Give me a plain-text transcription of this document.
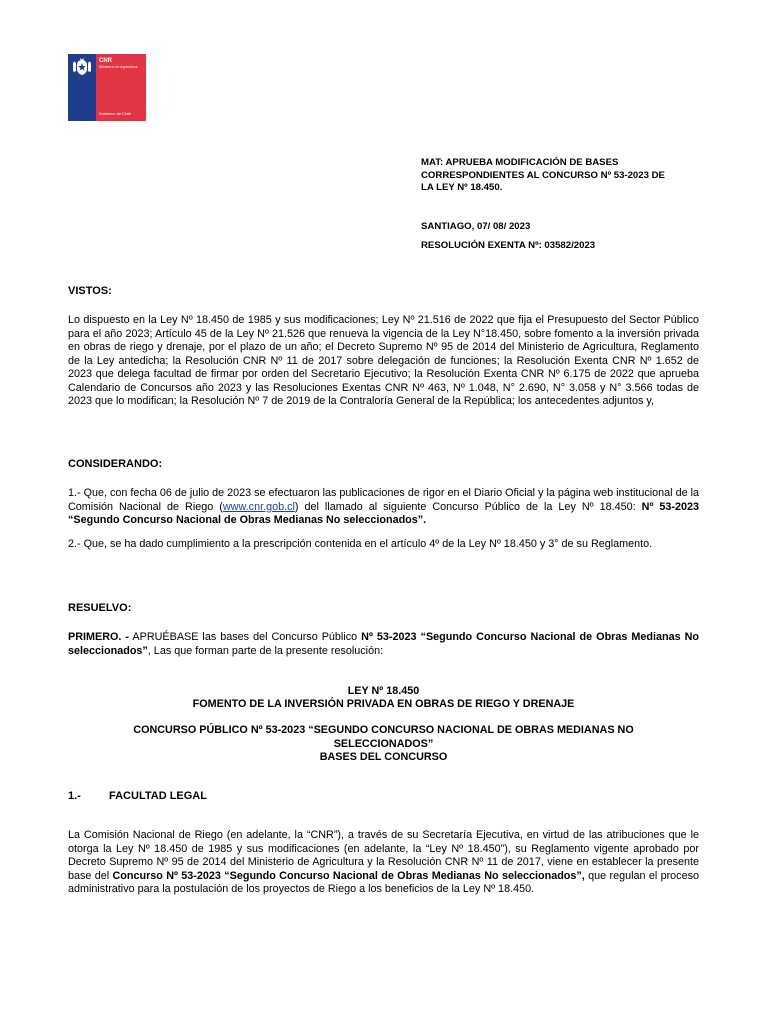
CNR
Ministerio de Agricultura
Gobierno de Chile
MAT: APRUEBA MODIFICACIÓN DE BASES
CORRESPONDIENTES AL CONCURSO Nº 53-2023 DE
LA LEY Nº 18.450.
SANTIAGO, 07/ 08/ 2023
RESOLUCIÓN EXENTA Nº: 03582/2023
VISTOS:
Lo dispuesto en la Ley Nº 18.450 de 1985 y sus modificaciones; Ley Nº 21.516 de 2022 que fija el Presupuesto del Sector Público para el año 2023; Artículo 45 de la Ley Nº 21.526 que renueva la vigencia de la Ley N°18.450, sobre fomento a la inversión privada en obras de riego y drenaje, por el plazo de un año; el Decreto Supremo Nº 95 de 2014 del Ministerio de Agricultura, Reglamento de la Ley antedicha; la Resolución CNR Nº 11 de 2017 sobre delegación de funciones; la Resolución Exenta CNR Nº 1.652 de 2023 que delega facultad de firmar por orden del Secretario Ejecutivo; la Resolución Exenta CNR Nº 6.175 de 2022 que aprueba Calendario de Concursos año 2023 y las Resoluciones Exentas CNR Nº 463, Nº 1.048, N° 2.690, N° 3.058 y N° 3.566 todas de 2023 que lo modifican; la Resolución Nº 7 de 2019 de la Contraloría General de la República; los antecedentes adjuntos y,
CONSIDERANDO:
1.- Que, con fecha 06 de julio de 2023 se efectuaron las publicaciones de rigor en el Diario Oficial y la página web institucional de la Comisión Nacional de Riego (www.cnr.gob.cl) del llamado al siguiente Concurso Público de la Ley Nº 18.450: Nº 53-2023 “Segundo Concurso Nacional de Obras Medianas No seleccionados”.
2.- Que, se ha dado cumplimiento a la prescripción contenida en el artículo 4º de la Ley Nº 18.450 y 3° de su Reglamento.
RESUELVO:
PRIMERO. - APRUÉBASE las bases del Concurso Público Nº 53-2023 “Segundo Concurso Nacional de Obras Medianas No seleccionados”, Las que forman parte de la presente resolución:
LEY Nº 18.450
FOMENTO DE LA INVERSIÓN PRIVADA EN OBRAS DE RIEGO Y DRENAJE
CONCURSO PÚBLICO Nº 53-2023 “SEGUNDO CONCURSO NACIONAL DE OBRAS MEDIANAS NO
SELECCIONADOS”
BASES DEL CONCURSO
1.-	FACULTAD LEGAL
La Comisión Nacional de Riego (en adelante, la “CNR”), a través de su Secretaría Ejecutiva, en virtud de las atribuciones que le otorga la Ley Nº 18.450 de 1985 y sus modificaciones (en adelante, la “Ley Nº 18.450”), su Reglamento vigente aprobado por Decreto Supremo Nº 95 de 2014 del Ministerio de Agricultura y la Resolución CNR Nº 11 de 2017, viene en establecer la presente base del Concurso Nº 53-2023 “Segundo Concurso Nacional de Obras Medianas No seleccionados”, que regulan el proceso administrativo para la postulación de los proyectos de Riego a los beneficios de la Ley Nº 18.450.
